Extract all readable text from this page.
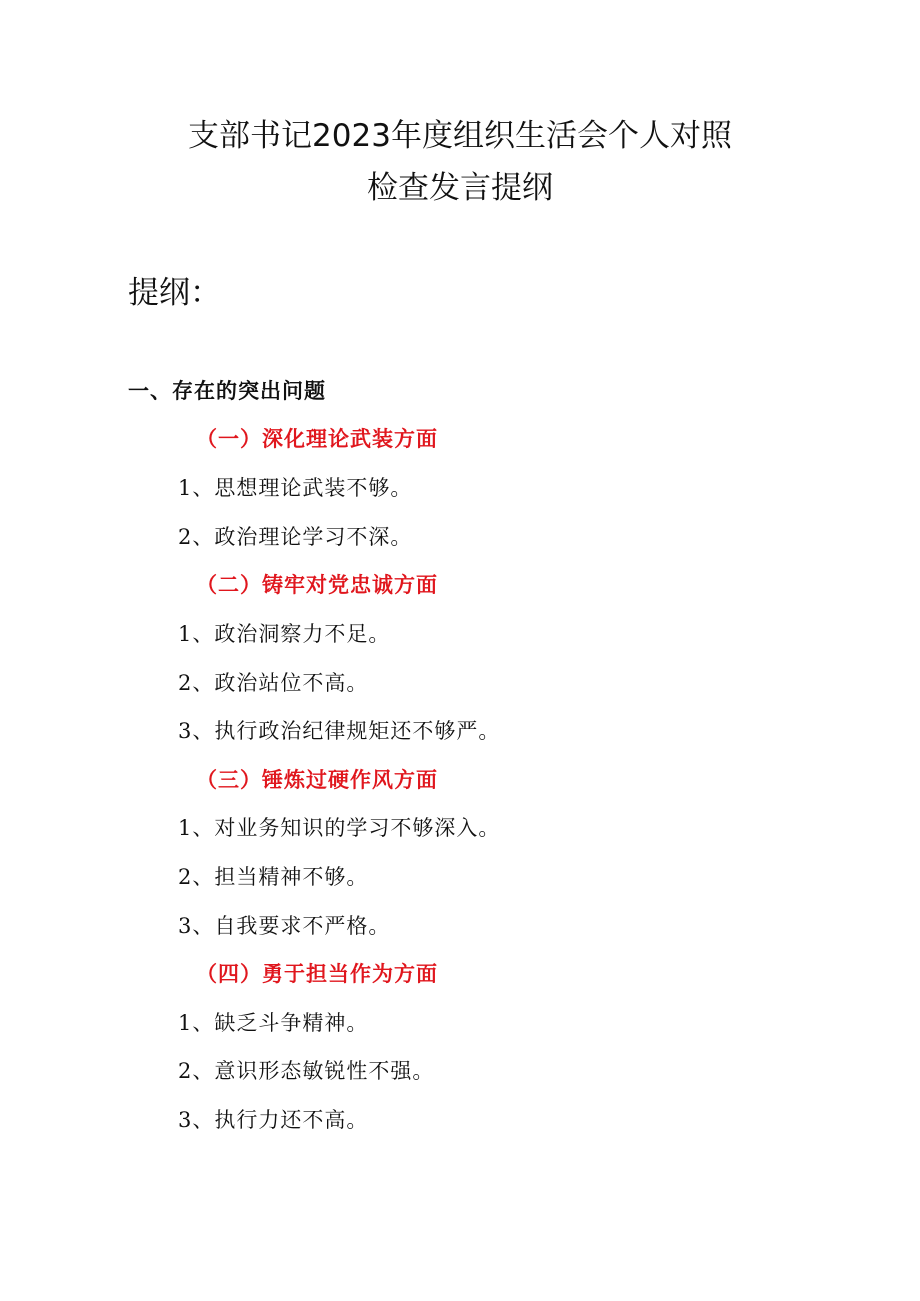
支部书记2023年度组织生活会个人对照
检查发言提纲
提纲：
一、存在的突出问题
（一）深化理论武装方面
1、思想理论武装不够。
2、政治理论学习不深。
（二）铸牢对党忠诚方面
1、政治洞察力不足。
2、政治站位不高。
3、执行政治纪律规矩还不够严。
（三）锤炼过硬作风方面
1、对业务知识的学习不够深入。
2、担当精神不够。
3、自我要求不严格。
（四）勇于担当作为方面
1、缺乏斗争精神。
2、意识形态敏锐性不强。
3、执行力还不高。
